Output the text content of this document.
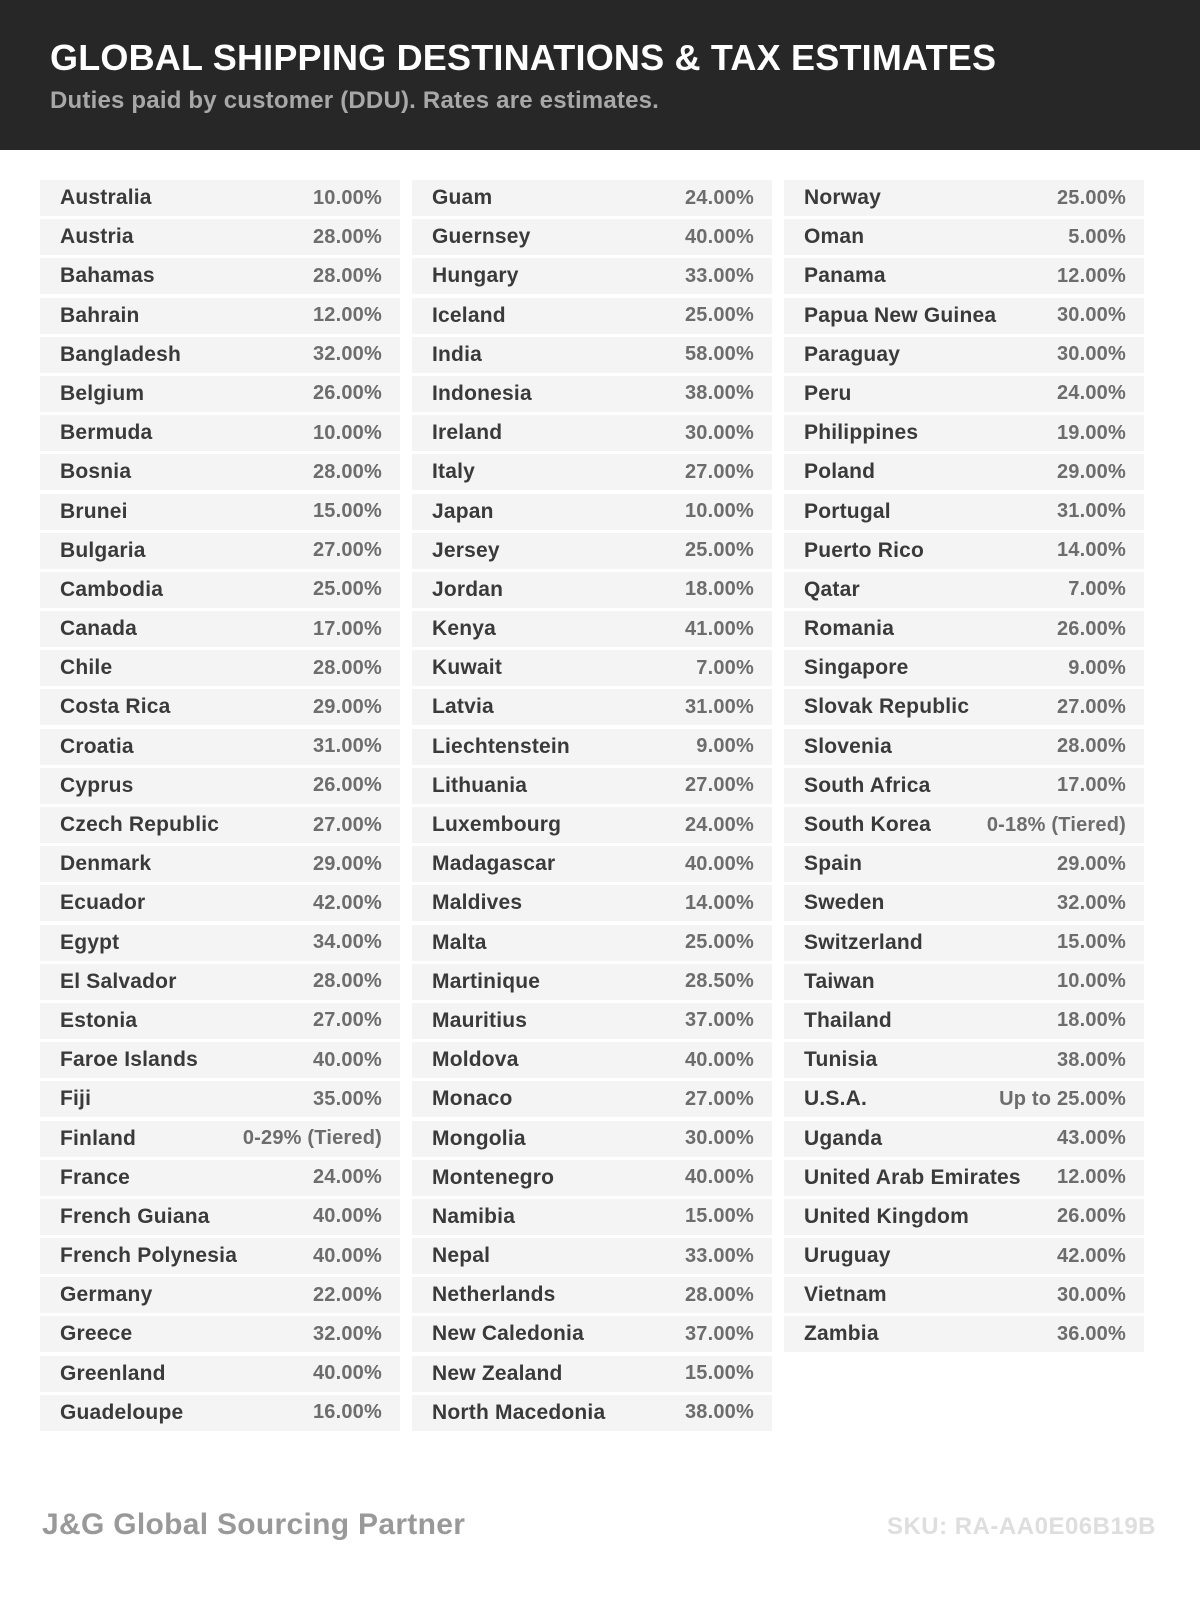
GLOBAL SHIPPING DESTINATIONS & TAX ESTIMATES

Duties paid by customer (DDU). Rates are estimates.

Australia	10.00%
Austria	28.00%
Bahamas	28.00%
Bahrain	12.00%
Bangladesh	32.00%
Belgium	26.00%
Bermuda	10.00%
Bosnia	28.00%
Brunei	15.00%
Bulgaria	27.00%
Cambodia	25.00%
Canada	17.00%
Chile	28.00%
Costa Rica	29.00%
Croatia	31.00%
Cyprus	26.00%
Czech Republic	27.00%
Denmark	29.00%
Ecuador	42.00%
Egypt	34.00%
El Salvador	28.00%
Estonia	27.00%
Faroe Islands	40.00%
Fiji	35.00%
Finland	0-29% (Tiered)
France	24.00%
French Guiana	40.00%
French Polynesia	40.00%
Germany	22.00%
Greece	32.00%
Greenland	40.00%
Guadeloupe	16.00%
Guam	24.00%
Guernsey	40.00%
Hungary	33.00%
Iceland	25.00%
India	58.00%
Indonesia	38.00%
Ireland	30.00%
Italy	27.00%
Japan	10.00%
Jersey	25.00%
Jordan	18.00%
Kenya	41.00%
Kuwait	7.00%
Latvia	31.00%
Liechtenstein	9.00%
Lithuania	27.00%
Luxembourg	24.00%
Madagascar	40.00%
Maldives	14.00%
Malta	25.00%
Martinique	28.50%
Mauritius	37.00%
Moldova	40.00%
Monaco	27.00%
Mongolia	30.00%
Montenegro	40.00%
Namibia	15.00%
Nepal	33.00%
Netherlands	28.00%
New Caledonia	37.00%
New Zealand	15.00%
North Macedonia	38.00%
Norway	25.00%
Oman	5.00%
Panama	12.00%
Papua New Guinea	30.00%
Paraguay	30.00%
Peru	24.00%
Philippines	19.00%
Poland	29.00%
Portugal	31.00%
Puerto Rico	14.00%
Qatar	7.00%
Romania	26.00%
Singapore	9.00%
Slovak Republic	27.00%
Slovenia	28.00%
South Africa	17.00%
South Korea	0-18% (Tiered)
Spain	29.00%
Sweden	32.00%
Switzerland	15.00%
Taiwan	10.00%
Thailand	18.00%
Tunisia	38.00%
U.S.A.	Up to 25.00%
Uganda	43.00%
United Arab Emirates 12.00%
United Kingdom	26.00%
Uruguay	42.00%
Vietnam	30.00%
Zambia	36.00%
J&G Global Sourcing Partner	SKU: RA-AA0E06B19B
